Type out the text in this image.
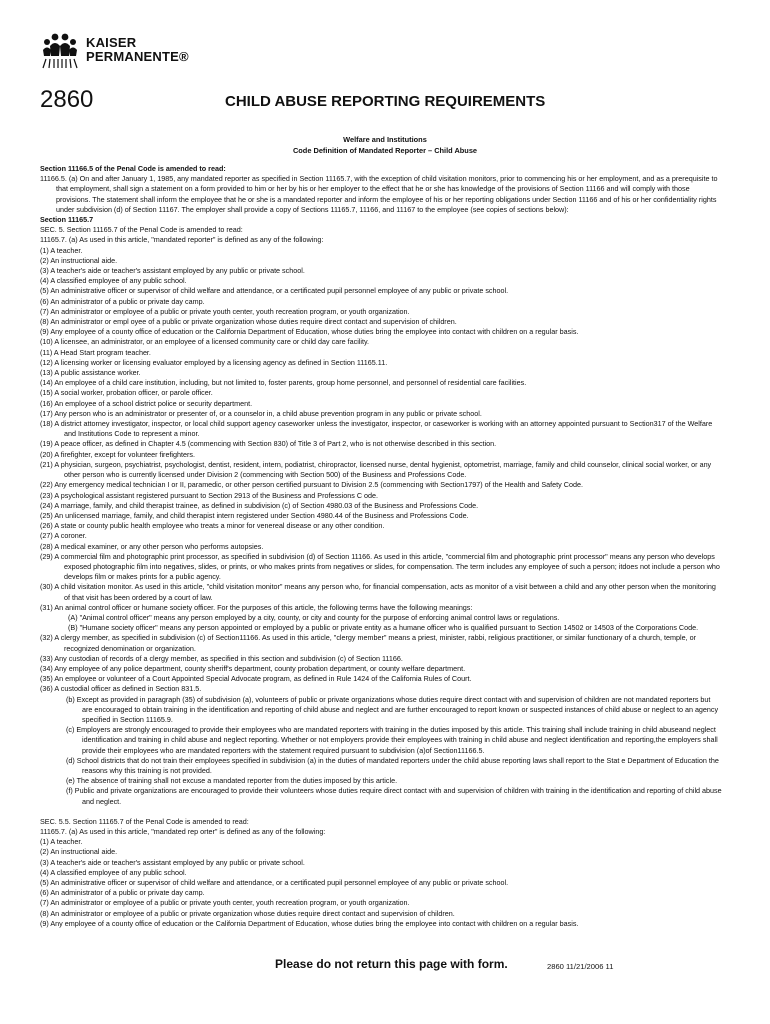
KAISER
PERMANENTE®
2860	CHILD ABUSE REPORTING REQUIREMENTS
Welfare and Institutions
Code Definition of Mandated Reporter – Child Abuse

Section 11166.5 of the Penal Code is amended to read:

11166.5. (a) On and after January 1, 1985, any mandated reporter as specified in Section 11165.7, with the exception of child visitation monitors, prior to commencing his or her employment, and as a prerequisite to that employment, shall sign a statement on a form provided to him or her by his or her employer to the effect that he or she has knowledge of the provisions of Section 11166 and will comply with those provisions. The statement shall inform the employee that he or she is a mandated reporter and inform the employee of his or her reporting obligations under Section 11166 and of his or her confidentiality rights under subdivision (d) of Section 11167. The employer shall provide a copy of Sections 11165.7, 11166, and 11167 to the employee (see copies of sections below):

Section 11165.7

SEC. 5. Section 11165.7 of the Penal Code is amended to read:

11165.7. (a) As used in this article, "mandated reporter" is defined as any of the following:

(1) A teacher.

(2) An instructional aide.

(3) A teacher's aide or teacher's assistant employed by any public or private school.

(4) A classified employee of any public school.

(5) An administrative officer or supervisor of child welfare and attendance, or a certificated pupil personnel employee of any public or private school.

(6) An administrator of a public or private day camp.

(7) An administrator or employee of a public or private youth center, youth recreation program, or youth organization.

(8) An administrator or empl oyee of a public or private organization whose duties require direct contact and supervision of children.

(9) Any employee of a county office of education or the California Department of Education, whose duties bring the employee into contact with children on a regular basis.

(10) A licensee, an administrator, or an employee of a licensed community care or child day care facility.

(11) A Head Start program teacher.

(12) A licensing worker or licensing evaluator employed by a licensing agency as defined in Section 11165.11.

(13) A public assistance worker.

(14) An employee of a child care institution, including, but not limited to, foster parents, group home personnel, and personnel of residential care facilities.

(15) A social worker, probation officer, or parole officer.

(16) An employee of a school district police or security department.

(17) Any person who is an administrator or presenter of, or a counselor in, a child abuse prevention program in any public or private school.

(18) A district attorney investigator, inspector, or local child support agency caseworker unless the investigator, inspector, or caseworker is working with an attorney appointed pursuant to Section317 of the Welfare and Institutions Code to represent a minor.

(19) A peace officer, as defined in Chapter 4.5 (commencing with Section 830) of Title 3 of Part 2, who is not otherwise described in this section.

(20) A firefighter, except for volunteer firefighters.

(21) A physician, surgeon, psychiatrist, psychologist, dentist, resident, intern, podiatrist, chiropractor, licensed nurse, dental hygienist, optometrist, marriage, family and child counselor, clinical social worker, or any other person who is currently licensed under Division 2 (commencing with Section 500) of the Business and Professions Code.

(22) Any emergency medical technician I or II, paramedic, or other person certified pursuant to Division 2.5 (commencing with Section1797) of the Health and Safety Code.

(23) A psychological assistant registered pursuant to Section 2913 of the Business and Professions C ode.

(24) A marriage, family, and child therapist trainee, as defined in subdivision (c) of Section 4980.03 of the Business and Professions Code.

(25) An unlicensed marriage, family, and child therapist intern registered under Section 4980.44 of the Business and Professions Code.

(26) A state or county public health employee who treats a minor for venereal disease or any other condition.

(27) A coroner.

(28) A medical examiner, or any other person who performs autopsies.

(29) A commercial film and photographic print processor, as specified in subdivision (d) of Section 11166. As used in this article, "commercial film and photographic print processor" means any person who develops exposed photographic film into negatives, slides, or prints, or who makes prints from negatives or slides, for compensation. The term includes any employee of such a person; itdoes not include a person who develops film or makes prints for a public agency.

(30) A child visitation monitor. As used in this article, "child visitation monitor" means any person who, for financial compensation, acts as monitor of a visit between a child and any other person when the monitoring of that visit has been ordered by a court of law.

(31) An animal control officer or humane society officer. For the purposes of this article, the following terms have the following meanings:

(A) "Animal control officer" means any person employed by a city, county, or city and county for the purpose of enforcing animal control laws or regulations.

(B) "Humane society officer" means any person appointed or employed by a public or private entity as a humane officer who is qualified pursuant to Section 14502 or 14503 of the Corporations Code.

(32) A clergy member, as specified in subdivision (c) of Section11166. As used in this article, "clergy member" means a priest, minister, rabbi, religious practitioner, or similar functionary of a church, temple, or recognized denomination or organization.

(33) Any custodian of records of a clergy member, as specified in this section and subdivision (c) of Section 11166.

(34) Any employee of any police department, county sheriff's department, county probation department, or county welfare department.

(35) An employee or volunteer of a Court Appointed Special Advocate program, as defined in Rule 1424 of the California Rules of Court.

(36) A custodial officer as defined in Section 831.5.

(b) Except as provided in paragraph (35) of subdivision (a), volunteers of public or private organizations whose duties require direct contact with and supervision of children are not mandated reporters but are encouraged to obtain training in the identification and reporting of child abuse and neglect and are further encouraged to report known or suspected instances of child abuse or neglect to an agency specified in Section 11165.9.

(c) Employers are strongly encouraged to provide their employees who are mandated reporters with training in the duties imposed by this article. This training shall include training in child abuseand neglect identification and training in child abuse and neglect reporting. Whether or not employers provide their employees with training in child abuse and neglect identification and reporting,the employers shall provide their employees who are mandated reporters with the statement required pursuant to subdivision (a)of Section11166.5.

(d) School districts that do not train their employees specified in subdivision (a) in the duties of mandated reporters under the child abuse reporting laws shall report to the Stat e Department of Education the reasons why this training is not provided.

(e) The absence of training shall not excuse a mandated reporter from the duties imposed by this article.

(f) Public and private organizations are encouraged to provide their volunteers whose duties require direct contact with and supervision of children with training in the identification and reporting of child abuse and neglect.

SEC. 5.5. Section 11165.7 of the Penal Code is amended to read:

11165.7. (a) As used in this article, "mandated rep orter" is defined as any of the following:

(1) A teacher.

(2) An instructional aide.

(3) A teacher's aide or teacher's assistant employed by any public or private school.

(4) A classified employee of any public school.

(5) An administrative officer or supervisor of child welfare and attendance, or a certificated pupil personnel employee of any public or private school.

(6) An administrator of a public or private day camp.

(7) An administrator or employee of a public or private youth center, youth recreation program, or youth organization.

(8) An administrator or employee of a public or private organization whose duties require direct contact and supervision of children.

(9) Any employee of a county office of education or the California Department of Education, whose duties bring the employee into contact with children on a regular basis.

Please do not return this page with form.	2860 11/21/2006 11
